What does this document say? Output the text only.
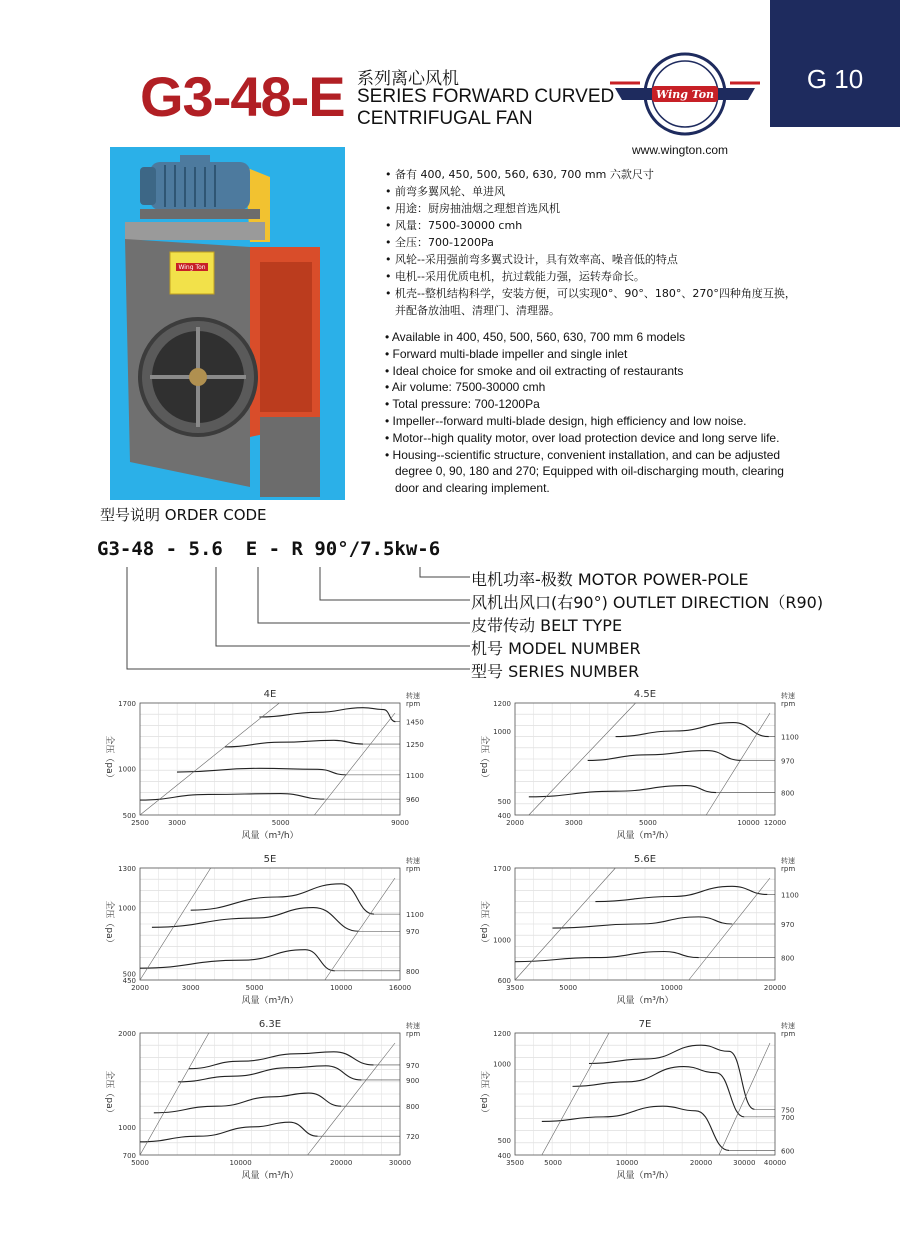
G 10
G3-48-E 系列离心风机
SERIES FORWARD CURVED
CENTRIFUGAL FAN
Wing Ton
www.wington.com
Wing Ton
• 备有 400, 450, 500, 560, 630, 700 mm 六款尺寸
• 前弯多翼风轮、单进风
• 用途：厨房抽油烟之理想首选风机
• 风量：7500-30000 cmh
• 全压：700-1200Pa
• 风轮--采用强前弯多翼式设计，具有效率高、噪音低的特点
• 电机--采用优质电机，抗过载能力强，运转寿命长。
• 机壳--整机结构科学，安装方便，可以实现0°、90°、180°、270°四种角度互换，并配备放油咀、清理门、清理器。
• Available in 400, 450, 500, 560, 630, 700 mm 6 models
• Forward multi-blade impeller and single inlet
• Ideal choice for smoke and oil extracting of restaurants
• Air volume: 7500-30000 cmh
• Total pressure: 700-1200Pa
• Impeller--forward multi-blade design, high efficiency and low noise.
• Motor--high quality motor, over load protection device and long serve life.
• Housing--scientific structure, convenient installation, and can be adjusted degree 0, 90, 180 and 270; Equipped with oil-discharging mouth, clearing door and clearing implement.
型号说明 ORDER CODE
G3-48 - 5.6  E - R 90°/7.5kw-6
电机功率-极数 MOTOR POWER-POLE
风机出风口(右90°) OUTLET DIRECTION（R90)
皮带传动 BELT TYPE
机号 MODEL NUMBER
型号 SERIES NUMBER
4E
2500	3000	5000	9000
500
1000
1700
风量（m³/h）
全压（pa）
转速
rpm
1450
1250
1100
960
4.5E
2000	3000	5000	10000 12000
400
500
1000
1200
风量（m³/h）
全压（pa）
转速
rpm
1100
970
800
5E
2000	3000	5000	10000	16000
450
500
1000
1300
风量（m³/h）
全压（pa）
转速
rpm
1100
970
800
5.6E
3500	5000	10000	20000
600
1000
1700
风量（m³/h）
全压（pa）
转速
rpm
1100
970
800
6.3E
5000	10000	20000	30000
700
1000
2000
风量（m³/h）
全压（pa）
转速
rpm
970
900
800
720
7E
3500	5000	10000	20000	30000 40000
400
500
1000
1200
风量（m³/h）
全压（pa）
转速
rpm
750
700
600
